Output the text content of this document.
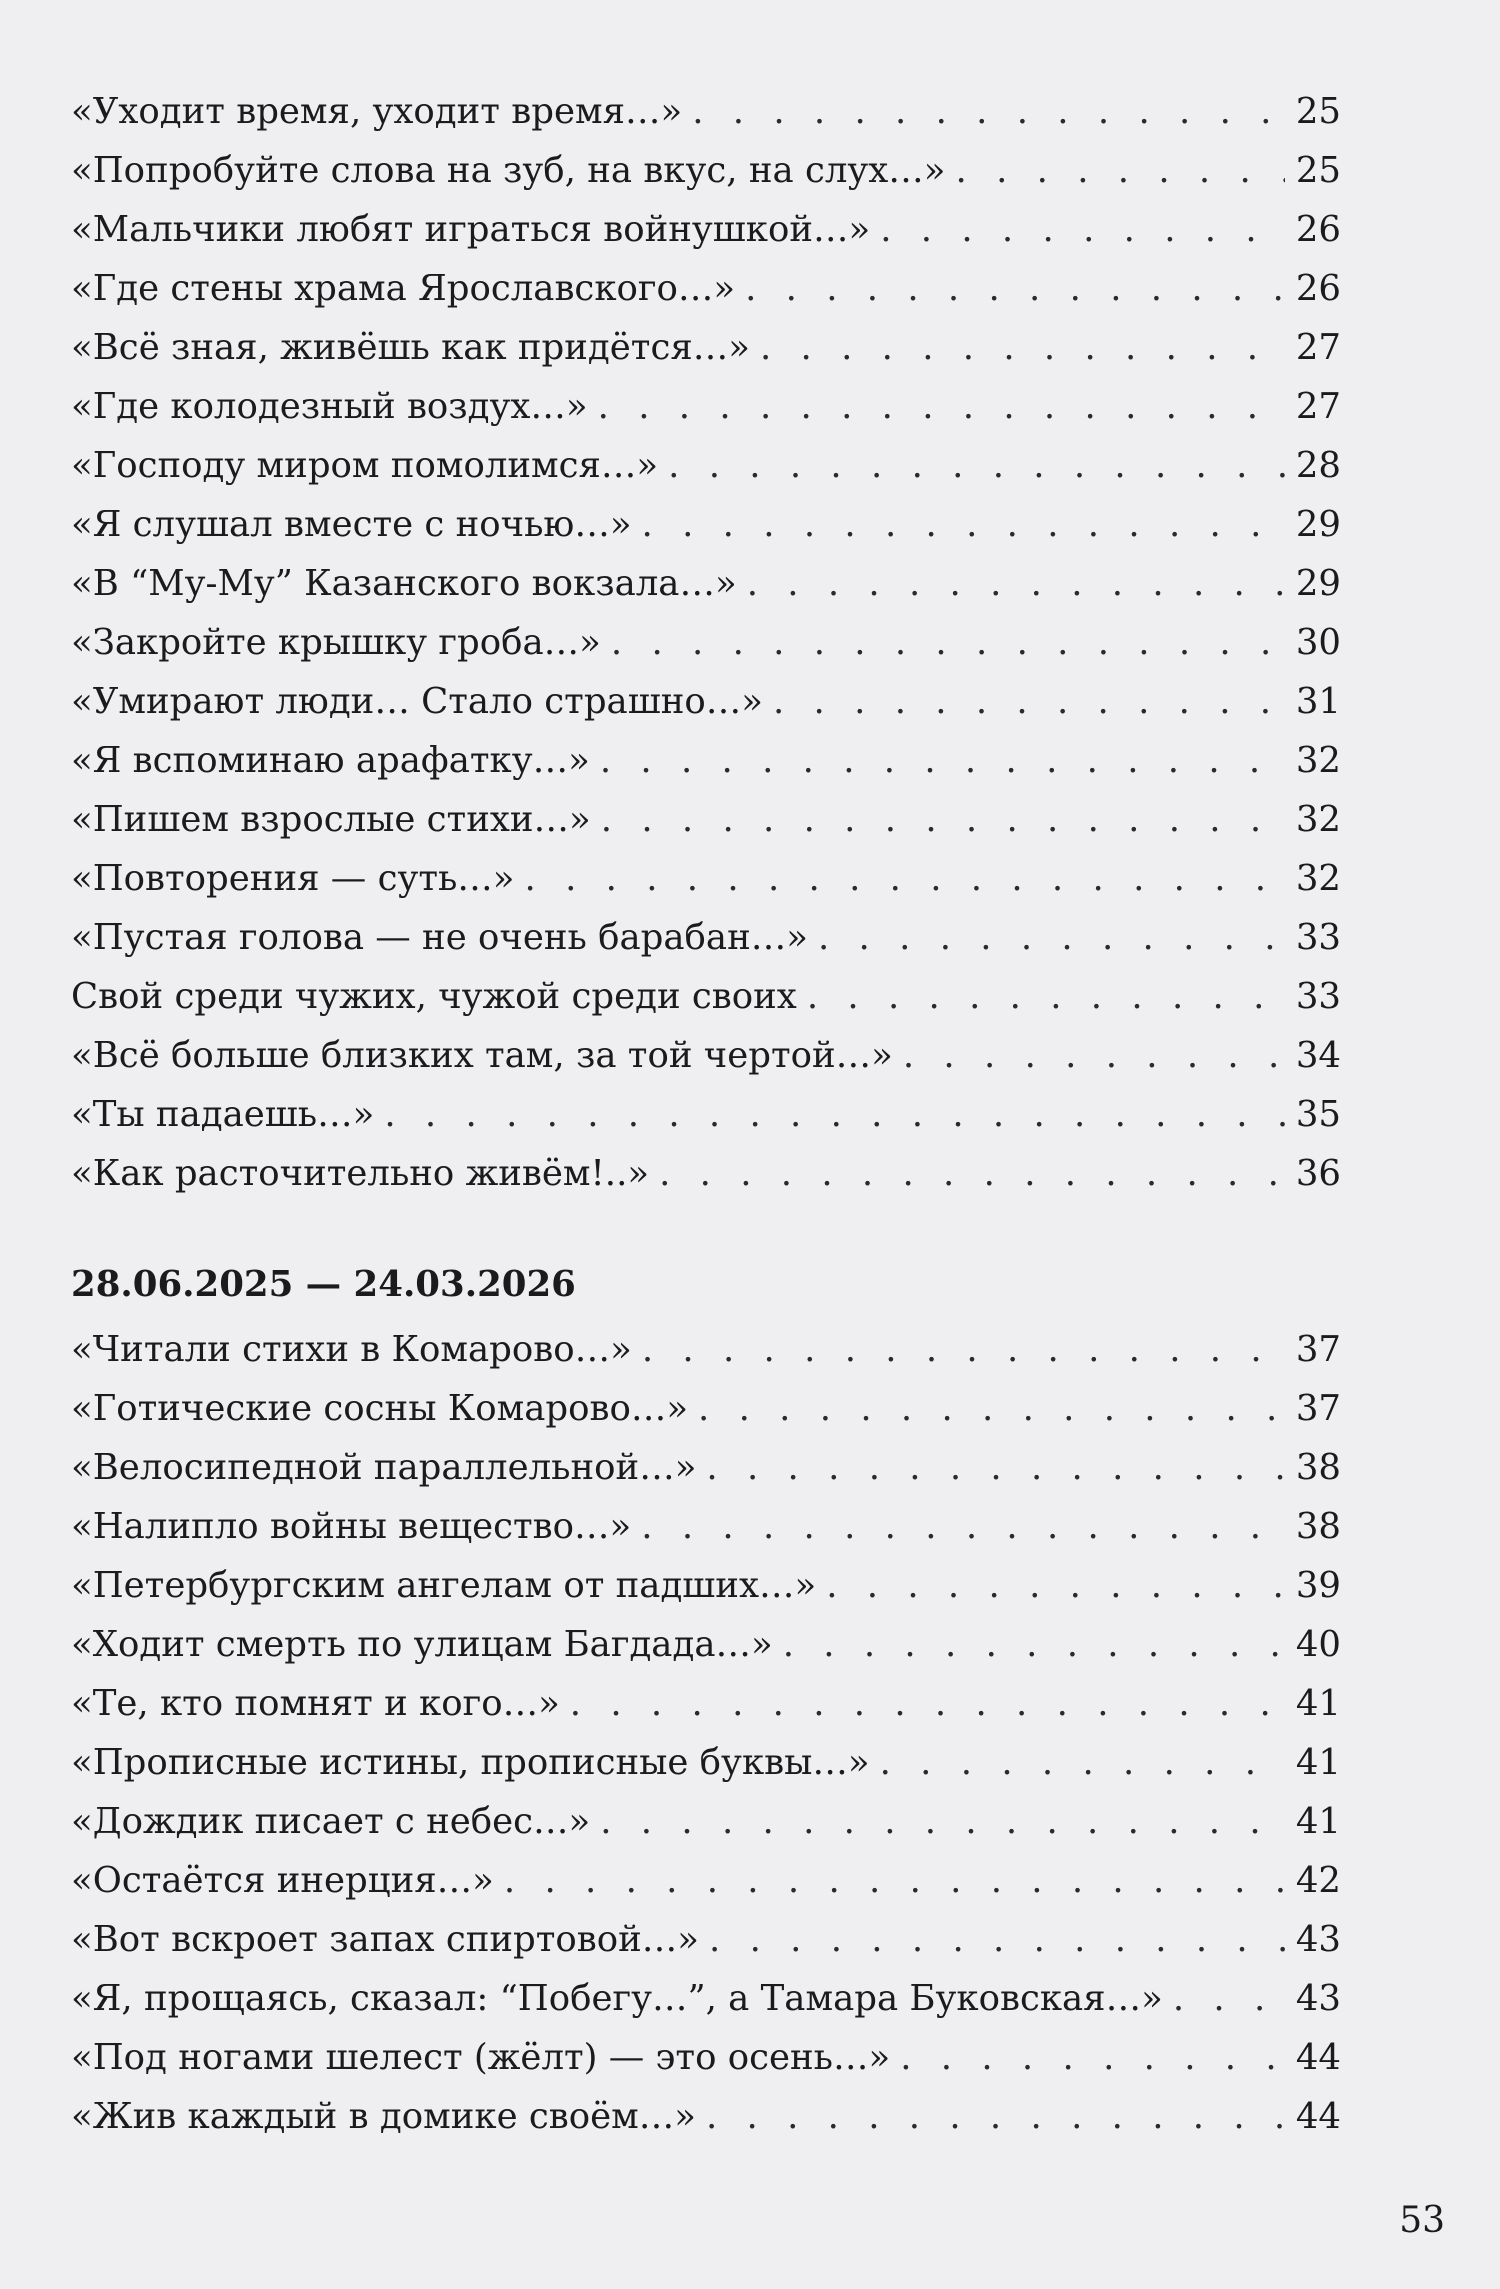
«Уходит время, уходит время…» . . .	25
«Попробуйте слова на зуб, на вкус, на слух…» . . .	25
«Мальчики любят играться войнушкой…» . . .	26
«Где стены храма Ярославского…» . . .	26
«Всё зная, живёшь как придётся…» . . .	27
«Где колодезный воздух…» . . .	27
«Господу миром помолимся…» . . .	28
«Я слушал вместе с ночью…» . . .	29
«В “Му-Му” Казанского вокзала…» . . .	29
«Закройте крышку гроба…» . . .	30
«Умирают люди… Стало страшно…» . . .	31
«Я вспоминаю арафатку…» . . .	32
«Пишем взрослые стихи…» . . .	32
«Повторения — суть…» . . .	32
«Пустая голова — не очень барабан…» . . .	33
Свой среди чужих, чужой среди своих . . .	33
«Всё больше близких там, за той чертой…» . . .	34
«Ты падаешь…» . . .	35
«Как расточительно живём!..» . . .	36
28.06.2025 — 24.03.2026
«Читали стихи в Комарово…» . . .	37
«Готические сосны Комарово…» . . .	37
«Велосипедной параллельной…» . . .	38
«Налипло войны вещество…» . . .	38
«Петербургским ангелам от падших…» . . .	39
«Ходит смерть по улицам Багдада…» . . .	40
«Те, кто помнят и кого…» . . .	41
«Прописные истины, прописные буквы…» . . .	41
«Дождик писает с небес…» . . .	41
«Остаётся инерция…» . . .	42
«Вот вскроет запах спиртовой…» . . .	43
«Я, прощаясь, сказал: “Побегу…”, а Тамара Буковская…» . . .	43
«Под ногами шелест (жёлт) — это осень…» . . .	44
«Жив каждый в домике своём…» . . .	44
53
